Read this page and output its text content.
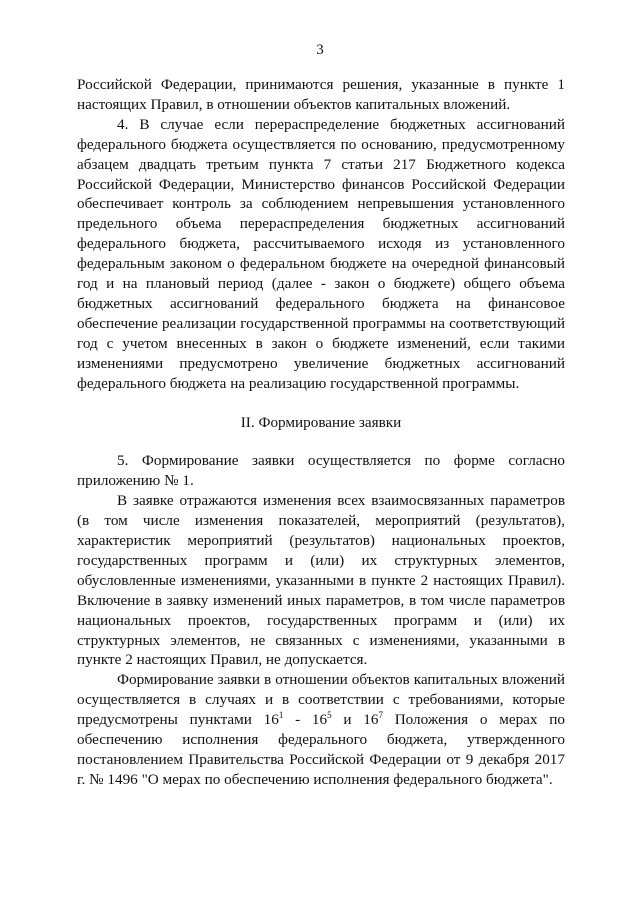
3

Российской Федерации, принимаются решения, указанные в пункте 1 настоящих Правил, в отношении объектов капитальных вложений.

4. В случае если перераспределение бюджетных ассигнований федерального бюджета осуществляется по основанию, предусмотренному абзацем двадцать третьим пункта 7 статьи 217 Бюджетного кодекса Российской Федерации, Министерство финансов Российской Федерации обеспечивает контроль за соблюдением непревышения установленного предельного объема перераспределения бюджетных ассигнований федерального бюджета, рассчитываемого исходя из установленного федеральным законом о федеральном бюджете на очередной финансовый год и на плановый период (далее - закон о бюджете) общего объема бюджетных ассигнований федерального бюджета на финансовое обеспечение реализации государственной программы на соответствующий год с учетом внесенных в закон о бюджете изменений, если такими изменениями предусмотрено увеличение бюджетных ассигнований федерального бюджета на реализацию государственной программы.

II. Формирование заявки

5. Формирование заявки осуществляется по форме согласно приложению № 1.

В заявке отражаются изменения всех взаимосвязанных параметров (в том числе изменения показателей, мероприятий (результатов), характеристик мероприятий (результатов) национальных проектов, государственных программ и (или) их структурных элементов, обусловленные изменениями, указанными в пункте 2 настоящих Правил). Включение в заявку изменений иных параметров, в том числе параметров национальных проектов, государственных программ и (или) их структурных элементов, не связанных с изменениями, указанными в пункте 2 настоящих Правил, не допускается.

Формирование заявки в отношении объектов капитальных вложений осуществляется в случаях и в соответствии с требованиями, которые предусмотрены пунктами $16^1 - 16^5$ и $16^7$ Положения о мерах по обеспечению исполнения федерального бюджета, утвержденного постановлением Правительства Российской Федерации от 9 декабря 2017 г. № 1496 "О мерах по обеспечению исполнения федерального бюджета".
